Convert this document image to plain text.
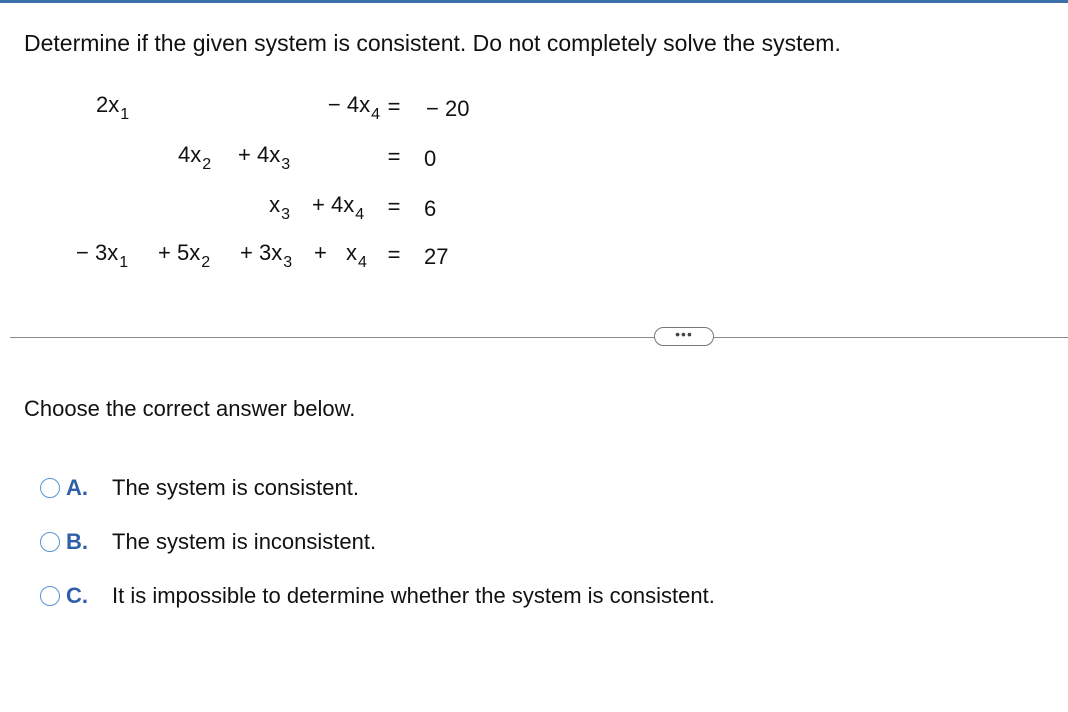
Determine if the given system is consistent. Do not completely solve the system.
$2x_1$	− $4x_4$ = − 20
$4x_2 + 4x_3$	= 0
$x_3 + 4x_4 = 6$
− $3x_1 + 5x_2 + 3x_3 + x_4 = 27$
•••
Choose the correct answer below.
A. The system is consistent.
B. The system is inconsistent.
C. It is impossible to determine whether the system is consistent.
